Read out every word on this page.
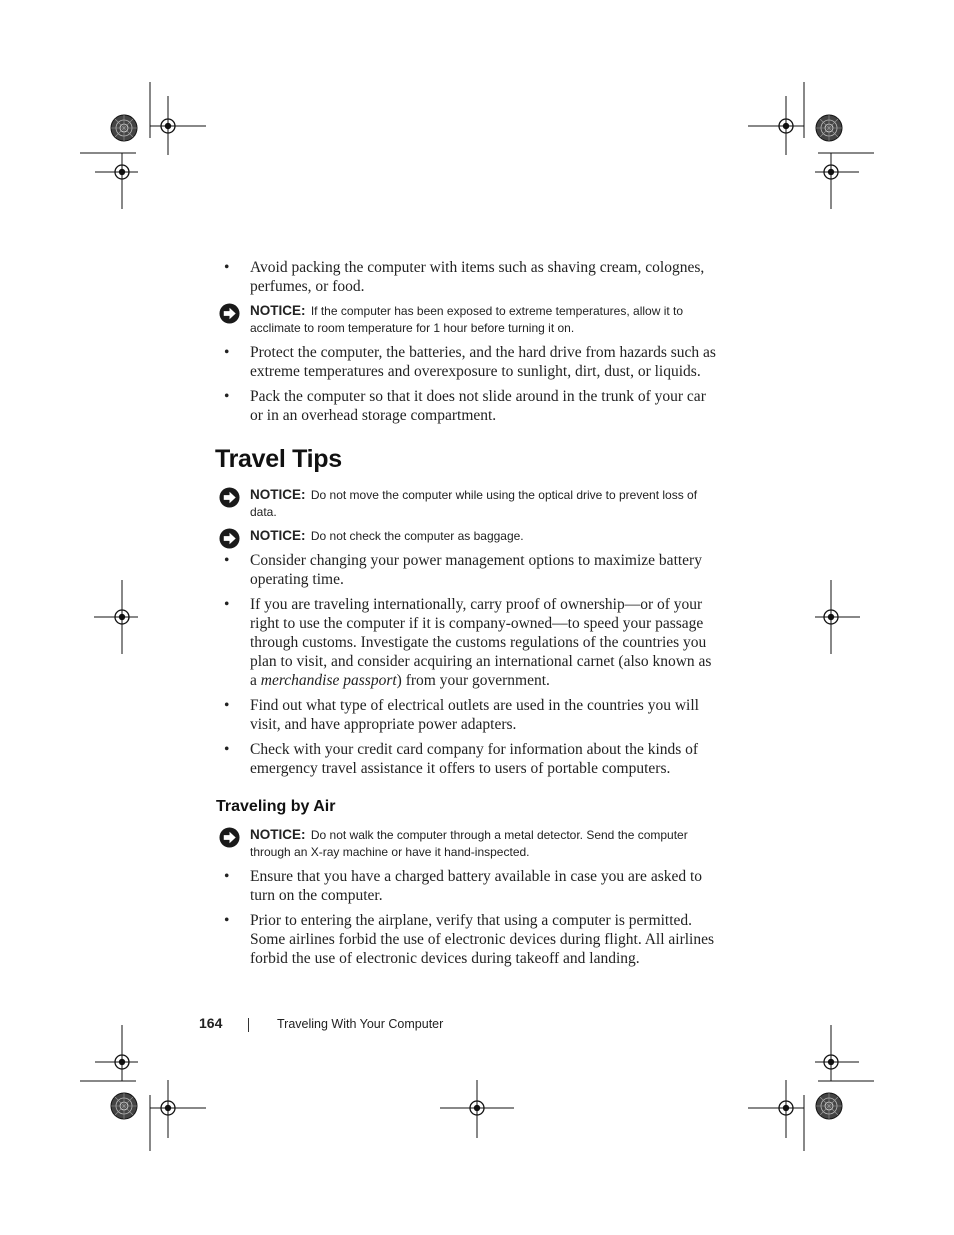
• Avoid packing the computer with items such as shaving cream, colognes, perfumes, or food.

NOTICE: If the computer has been exposed to extreme temperatures, allow it to acclimate to room temperature for 1 hour before turning it on.

• Protect the computer, the batteries, and the hard drive from hazards such as extreme temperatures and overexposure to sunlight, dirt, dust, or liquids.

• Pack the computer so that it does not slide around in the trunk of your car or in an overhead storage compartment.

Travel Tips
NOTICE: Do not move the computer while using the optical drive to prevent loss of data.
NOTICE: Do not check the computer as baggage.

• Consider changing your power management options to maximize battery operating time.

• If you are traveling internationally, carry proof of ownership—or of your right to use the computer if it is company-owned—to speed your passage through customs. Investigate the customs regulations of the countries you plan to visit, and consider acquiring an international carnet (also known as a merchandise passport) from your government.

• Find out what type of electrical outlets are used in the countries you will visit, and have appropriate power adapters.

• Check with your credit card company for information about the kinds of emergency travel assistance it offers to users of portable computers.

Traveling by Air
NOTICE: Do not walk the computer through a metal detector. Send the computer through an X-ray machine or have it hand-inspected.

• Ensure that you have a charged battery available in case you are asked to turn on the computer.

• Prior to entering the airplane, verify that using a computer is permitted. Some airlines forbid the use of electronic devices during flight. All airlines forbid the use of electronic devices during takeoff and landing.

164	Traveling With Your Computer
